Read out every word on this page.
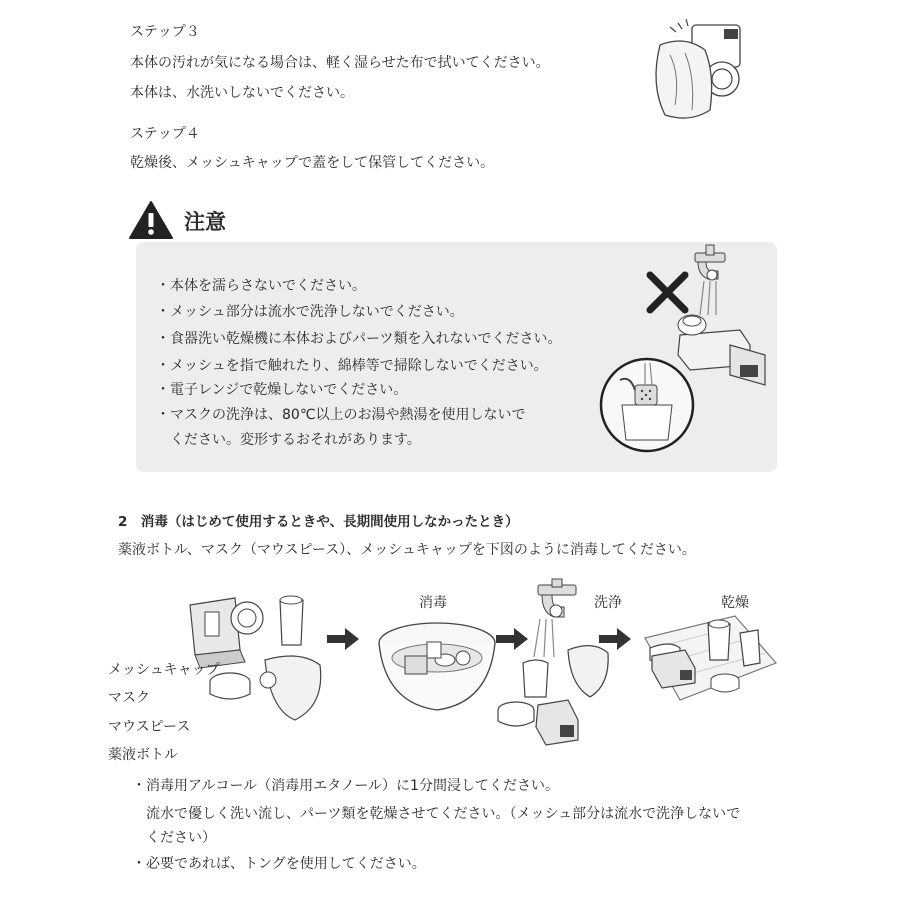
ステップ３
本体の汚れが気になる場合は、軽く湿らせた布で拭いてください。
本体は、水洗いしないでください。
ステップ４
乾燥後、メッシュキャップで蓋をして保管してください。
注意
・本体を濡らさないでください。
・メッシュ部分は流水で洗浄しないでください。
・食器洗い乾燥機に本体およびパーツ類を入れないでください。
・メッシュを指で触れたり、綿棒等で掃除しないでください。
・電子レンジで乾燥しないでください。
・マスクの洗浄は、80℃以上のお湯や熱湯を使用しないで
　ください。変形するおそれがあります。
2　消毒（はじめて使用するときや、長期間使用しなかったとき）
薬液ボトル、マスク（マウスピース）、メッシュキャップを下図のように消毒してください。
メッシュキャップ
マスク
マウスピース
薬液ボトル
消毒	洗浄	乾燥
・消毒用アルコール（消毒用エタノール）に1分間浸してください。
　流水で優しく洗い流し、パーツ類を乾燥させてください。（メッシュ部分は流水で洗浄しないで
　ください）
・必要であれば、トングを使用してください。
